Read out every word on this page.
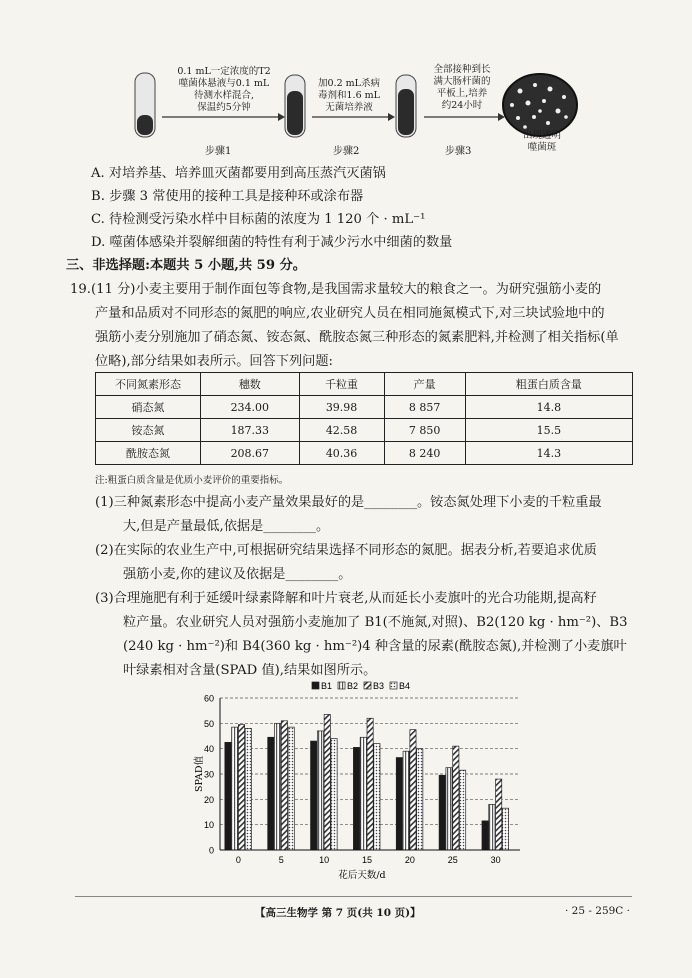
0.1 mL一定浓度的T2
噬菌体悬液与0.1 mL
待测水样混合,
保温约5分钟
加0.2 mL杀病
毒剂和1.6 mL
无菌培养液
全部接种到长
满大肠杆菌的
平板上,培养
约24小时
出现透明
噬菌斑
步骤1	步骤2	步骤3
A. 对培养基、培养皿灭菌都要用到高压蒸汽灭菌锅
B. 步骤 3 常使用的接种工具是接种环或涂布器
C. 待检测受污染水样中目标菌的浓度为 1 120 个 · mL⁻¹
D. 噬菌体感染并裂解细菌的特性有利于减少污水中细菌的数量
三、非选择题:本题共 5 小题,共 59 分。
19.(11 分)小麦主要用于制作面包等食物,是我国需求量较大的粮食之一。为研究强筋小麦的
产量和品质对不同形态的氮肥的响应,农业研究人员在相同施氮模式下,对三块试验地中的
强筋小麦分别施加了硝态氮、铵态氮、酰胺态氮三种形态的氮素肥料,并检测了相关指标(单
位略),部分结果如表所示。回答下列问题:
不同氮素形态	穗数	千粒重	产量	粗蛋白质含量
硝态氮	234.00	39.98	8 857	14.8
铵态氮	187.33	42.58	7 850	15.5
酰胺态氮	208.67	40.36	8 240	14.3
注:粗蛋白质含量是优质小麦评价的重要指标。
(1)三种氮素形态中提高小麦产量效果最好的是________。铵态氮处理下小麦的千粒重最
大,但是产量最低,依据是________。
(2)在实际的农业生产中,可根据研究结果选择不同形态的氮肥。据表分析,若要追求优质
强筋小麦,你的建议及依据是________。
(3)合理施肥有利于延缓叶绿素降解和叶片衰老,从而延长小麦旗叶的光合功能期,提高籽
粒产量。农业研究人员对强筋小麦施加了 B1(不施氮,对照)、B2(120 kg · hm⁻²)、B3
(240 kg · hm⁻²)和 B4(360 kg · hm⁻²)4 种含量的尿素(酰胺态氮),并检测了小麦旗叶
叶绿素相对含量(SPAD 值),结果如图所示。
0
10
20
30
40
50
60
0	5	10	15	20	25	30
花后天数/d
SPAD值
B1 B2 B3 B4
【高三生物学 第 7 页(共 10 页)】	· 25 - 259C ·
